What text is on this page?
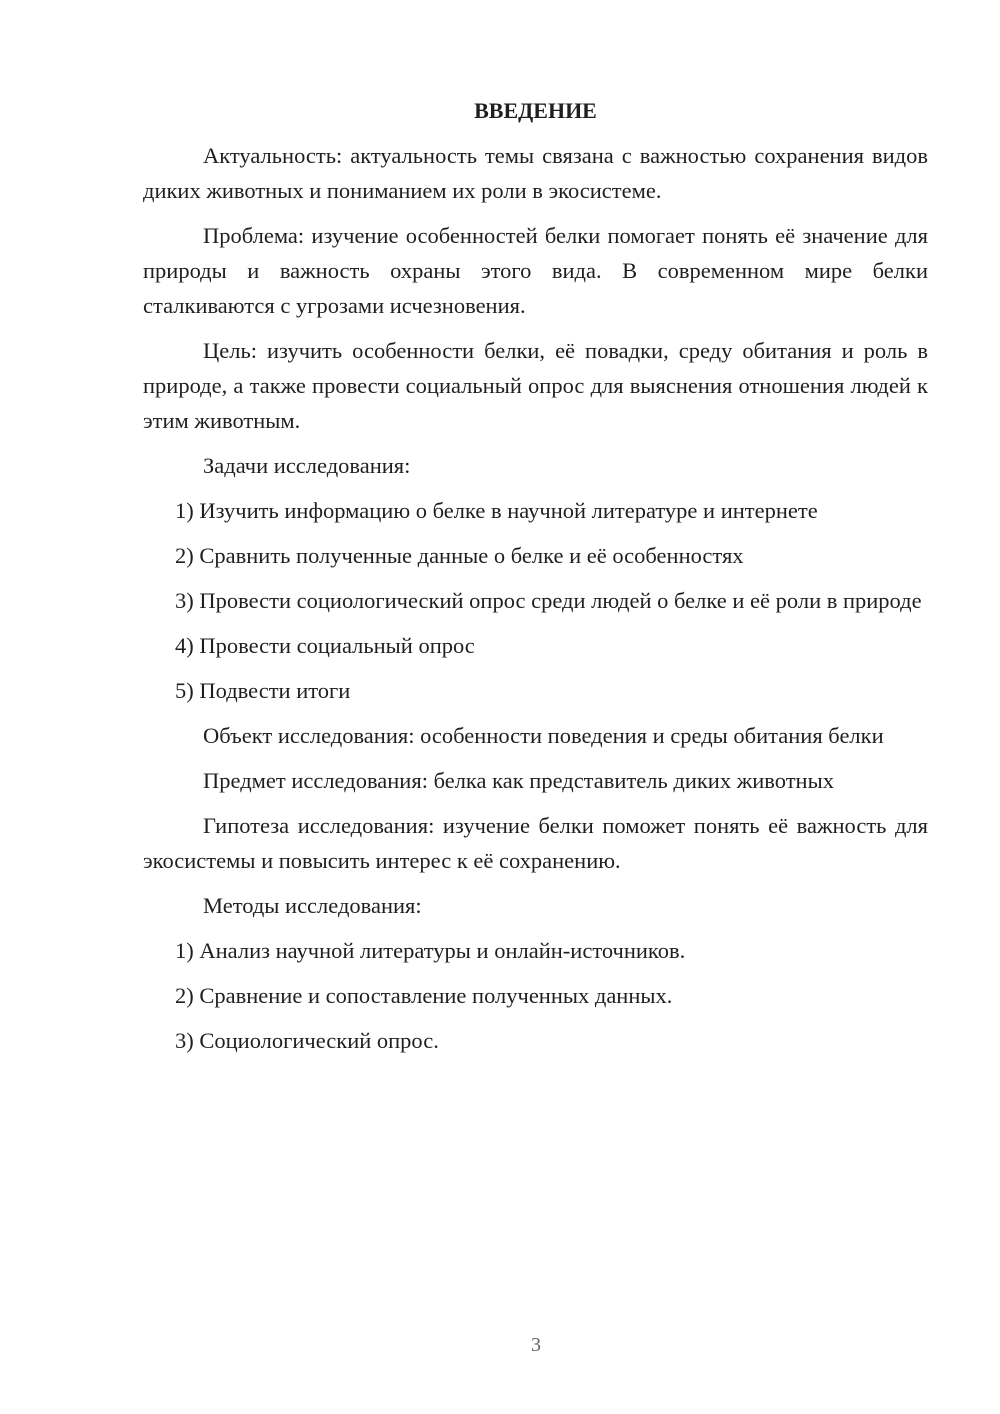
ВВЕДЕНИЕ

Актуальность: актуальность темы связана с важностью сохранения видов диких животных и пониманием их роли в экосистеме.

Проблема: изучение особенностей белки помогает понять её значение для природы и важность охраны этого вида. В современном мире белки сталкиваются с угрозами исчезновения.

Цель: изучить особенности белки, её повадки, среду обитания и роль в природе, а также провести социальный опрос для выяснения отношения людей к этим животным.

Задачи исследования:

1) Изучить информацию о белке в научной литературе и интернете

2) Сравнить полученные данные о белке и её особенностях

3) Провести социологический опрос среди людей о белке и её роли в природе

4) Провести социальный опрос

5) Подвести итоги

Объект исследования: особенности поведения и среды обитания белки

Предмет исследования: белка как представитель диких животных

Гипотеза исследования: изучение белки поможет понять её важность для экосистемы и повысить интерес к её сохранению.

Методы исследования:

1) Анализ научной литературы и онлайн-источников.

2) Сравнение и сопоставление полученных данных.

3) Социологический опрос.

3
